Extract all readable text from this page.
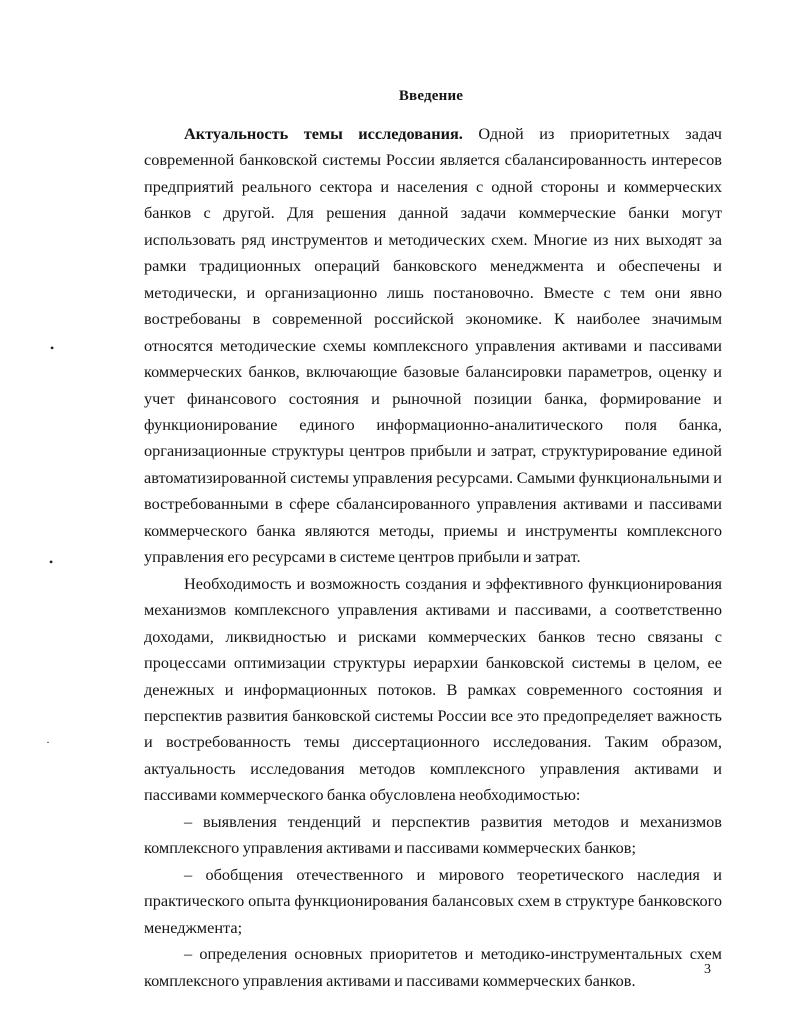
Введение

Актуальность темы исследования. Одной из приоритетных задач современной банковской системы России является сбалансированность интересов предприятий реального сектора и населения с одной стороны и коммерческих банков с другой. Для решения данной задачи коммерческие банки могут использовать ряд инструментов и методических схем. Многие из них выходят за рамки традиционных операций банковского менеджмента и обеспечены и методически, и организационно лишь постановочно. Вместе с тем они явно востребованы в современной российской экономике. К наиболее значимым относятся методические схемы комплексного управления активами и пассивами коммерческих банков, включающие базовые балансировки параметров, оценку и учет финансового состояния и рыночной позиции банка, формирование и функционирование единого информационно-аналитического поля банка, организационные структуры центров прибыли и затрат, структурирование единой автоматизированной системы управления ресурсами. Самыми функциональными и востребованными в сфере сбалансированного управления активами и пассивами коммерческого банка являются методы, приемы и инструменты комплексного управления его ресурсами в системе центров прибыли и затрат.

Необходимость и возможность создания и эффективного функционирования механизмов комплексного управления активами и пассивами, а соответственно доходами, ликвидностью и рисками коммерческих банков тесно связаны с процессами оптимизации структуры иерархии банковской системы в целом, ее денежных и информационных потоков. В рамках современного состояния и перспектив развития банковской системы России все это предопределяет важность и востребованность темы диссертационного исследования. Таким образом, актуальность исследования методов комплексного управления активами и пассивами коммерческого банка обусловлена необходимостью:

– выявления тенденций и перспектив развития методов и механизмов комплексного управления активами и пассивами коммерческих банков;

– обобщения отечественного и мирового теоретического наследия и практического опыта функционирования балансовых схем в структуре банковского менеджмента;

– определения основных приоритетов и методико-инструментальных схем комплексного управления активами и пассивами коммерческих банков.

3
•
•
·
